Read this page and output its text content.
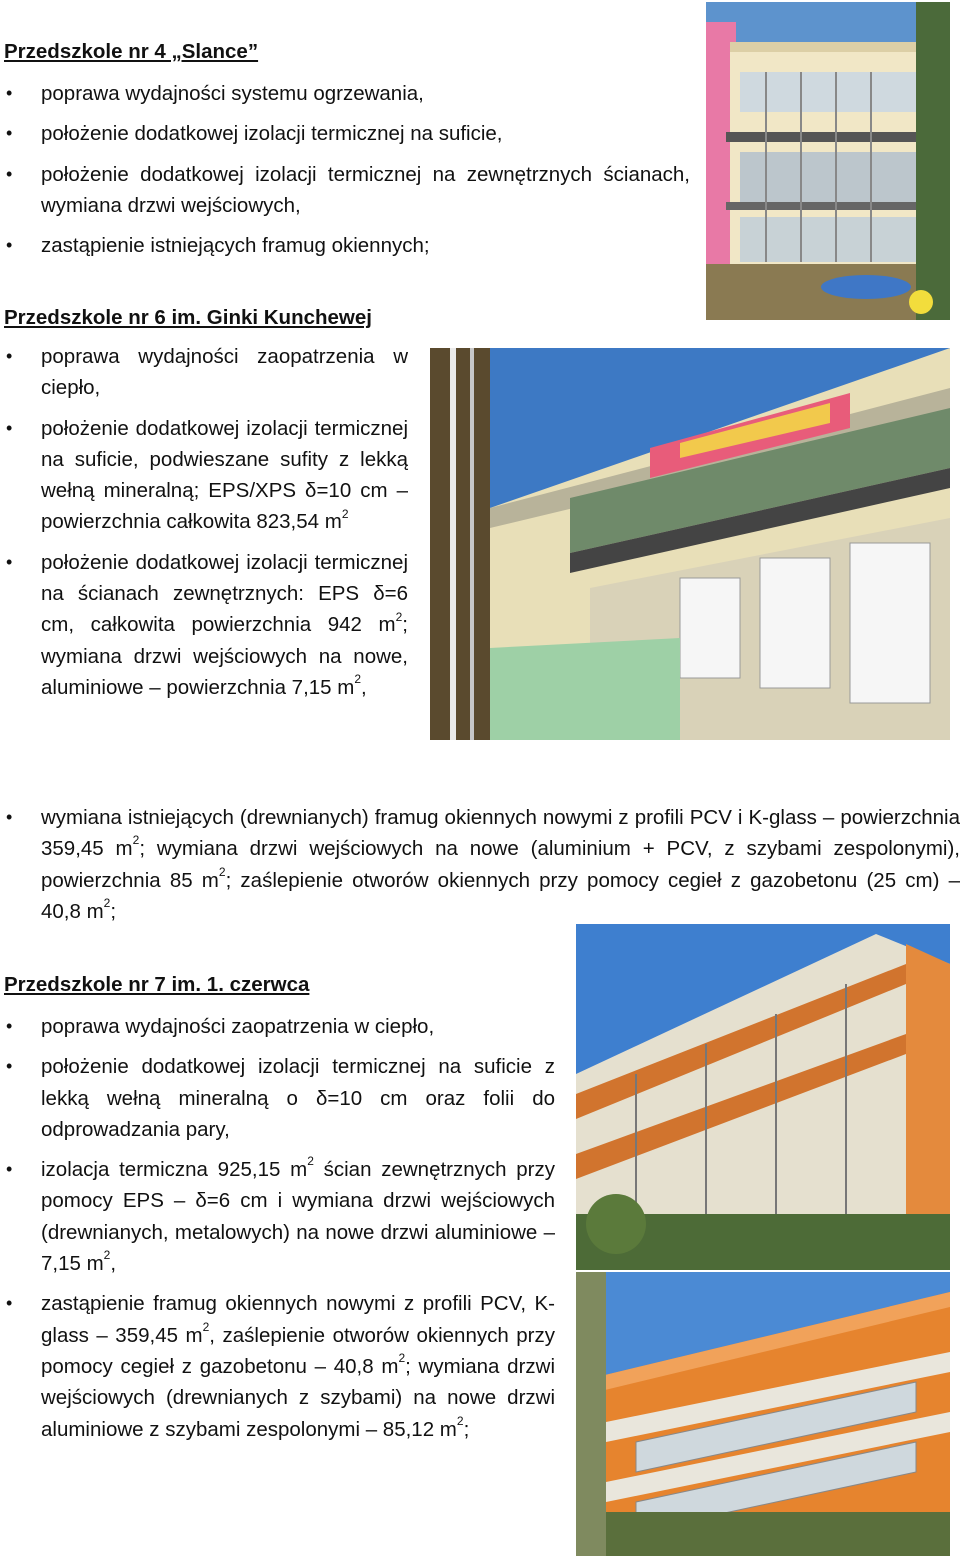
Przedszkole nr 4 „Slance”
• poprawa wydajności systemu ogrzewania,
• położenie dodatkowej izolacji termicznej na suficie,
• położenie dodatkowej izolacji termicznej na zewnętrznych ścianach, wymiana drzwi wejściowych,
• zastąpienie istniejących framug okiennych;
Przedszkole nr 6 im. Ginki Kunchewej
• poprawa wydajności zaopatrzenia w ciepło,
• położenie dodatkowej izolacji termicznej na suficie, podwieszane sufity z lekką wełną mineralną; EPS/XPS δ=10 cm – powierzchnia całkowita 823,54 $m^2$
• położenie dodatkowej izolacji termicznej na ścianach zewnętrznych: EPS δ=6 cm, całkowita powierzchnia 942 $m^2$; wymiana drzwi wejściowych na nowe, aluminiowe – powierzchnia 7,15 $m^2$,
• wymiana istniejących (drewnianych) framug okiennych nowymi z profili PCV i K-glass – powierzchnia 359,45 $m^2$; wymiana drzwi wejściowych na nowe (aluminium + PCV, z szybami zespolonymi), powierzchnia 85 $m^2$; zaślepienie otworów okiennych przy pomocy cegieł z gazobetonu (25 cm) – 40,8 $m^2$;
Przedszkole nr 7 im. 1. czerwca
• poprawa wydajności zaopatrzenia w ciepło,
• położenie dodatkowej izolacji termicznej na suficie z lekką wełną mineralną o δ=10 cm oraz folii do odprowadzania pary,
• izolacja termiczna 925,15 $m^2$ ścian zewnętrznych przy pomocy EPS – δ=6 cm i wymiana drzwi wejściowych (drewnianych, metalowych) na nowe drzwi aluminiowe – 7,15 $m^2$,
• zastąpienie framug okiennych nowymi z profili PCV, K-glass – 359,45 $m^2$, zaślepienie otworów okiennych przy pomocy cegieł z gazobetonu – 40,8 $m^2$; wymiana drzwi wejściowych (drewnianych z szybami) na nowe drzwi aluminiowe z szybami zespolonymi – 85,12 $m^2$;
